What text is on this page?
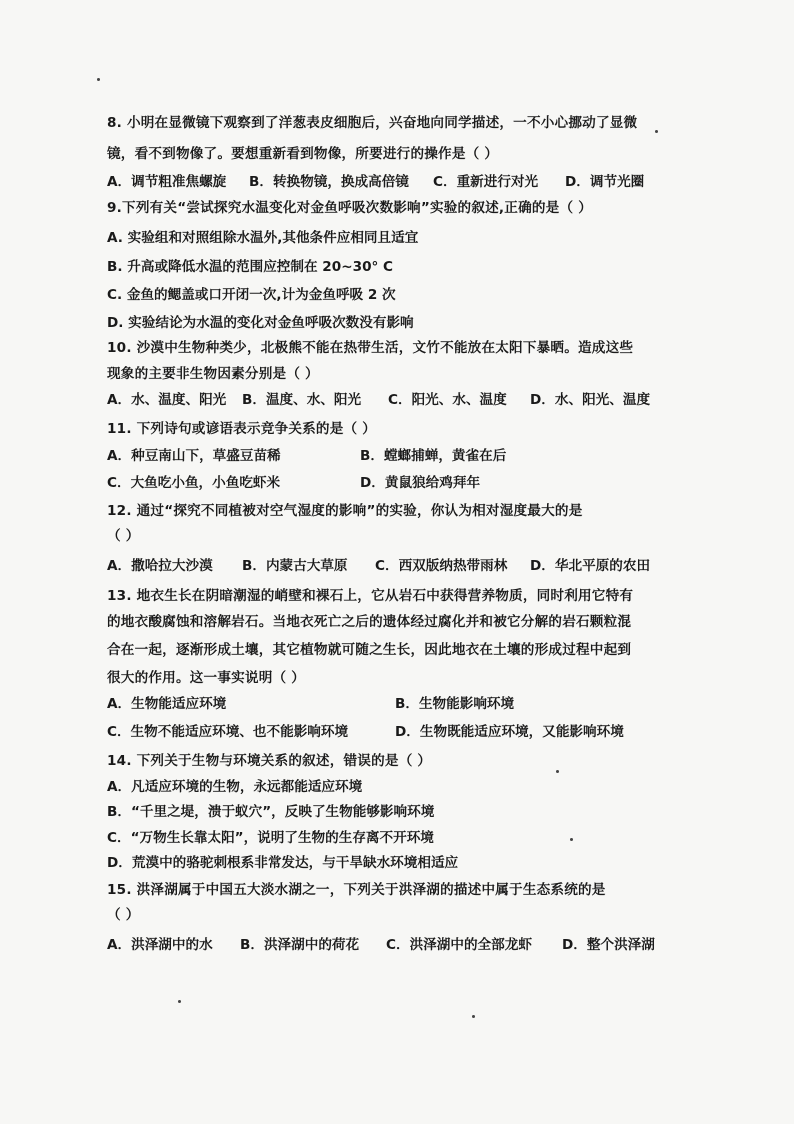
8. 小明在显微镜下观察到了洋葱表皮细胞后，兴奋地向同学描述，一不小心挪动了显微
镜，看不到物像了。要想重新看到物像，所要进行的操作是（ ）
A．调节粗准焦螺旋 B．转换物镜，换成高倍镜 C．重新进行对光 D．调节光圈
9.下列有关“尝试探究水温变化对金鱼呼吸次数影响”实验的叙述,正确的是（ ）
A. 实验组和对照组除水温外,其他条件应相同且适宜
B. 升高或降低水温的范围应控制在 20~30° C
C. 金鱼的鳃盖或口开闭一次,计为金鱼呼吸 2 次
D. 实验结论为水温的变化对金鱼呼吸次数没有影响
10. 沙漠中生物种类少，北极熊不能在热带生活，文竹不能放在太阳下暴晒。造成这些
现象的主要非生物因素分别是（ ）
A．水、温度、阳光 B．温度、水、阳光 C．阳光、水、温度 D．水、阳光、温度
11. 下列诗句或谚语表示竞争关系的是（ ）
A．种豆南山下，草盛豆苗稀	B．螳螂捕蝉，黄雀在后
C．大鱼吃小鱼，小鱼吃虾米	D．黄鼠狼给鸡拜年
12. 通过“探究不同植被对空气湿度的影响”的实验，你认为相对湿度最大的是
（ ）
A．撒哈拉大沙漠 B．内蒙古大草原 C．西双版纳热带雨林 D．华北平原的农田
13. 地衣生长在阴暗潮湿的峭壁和裸石上，它从岩石中获得营养物质，同时利用它特有
的地衣酸腐蚀和溶解岩石。当地衣死亡之后的遗体经过腐化并和被它分解的岩石颗粒混
合在一起，逐渐形成土壤，其它植物就可随之生长，因此地衣在土壤的形成过程中起到
很大的作用。这一事实说明（ ）
A．生物能适应环境	B．生物能影响环境
C．生物不能适应环境、也不能影响环境	D．生物既能适应环境，又能影响环境
14. 下列关于生物与环境关系的叙述，错误的是（ ）
A．凡适应环境的生物，永远都能适应环境
B．“千里之堤，溃于蚁穴”，反映了生物能够影响环境
C．“万物生长靠太阳”，说明了生物的生存离不开环境
D．荒漠中的骆驼刺根系非常发达，与干旱缺水环境相适应
15. 洪泽湖属于中国五大淡水湖之一，下列关于洪泽湖的描述中属于生态系统的是
（ ）
A．洪泽湖中的水 B．洪泽湖中的荷花 C．洪泽湖中的全部龙虾 D．整个洪泽湖
